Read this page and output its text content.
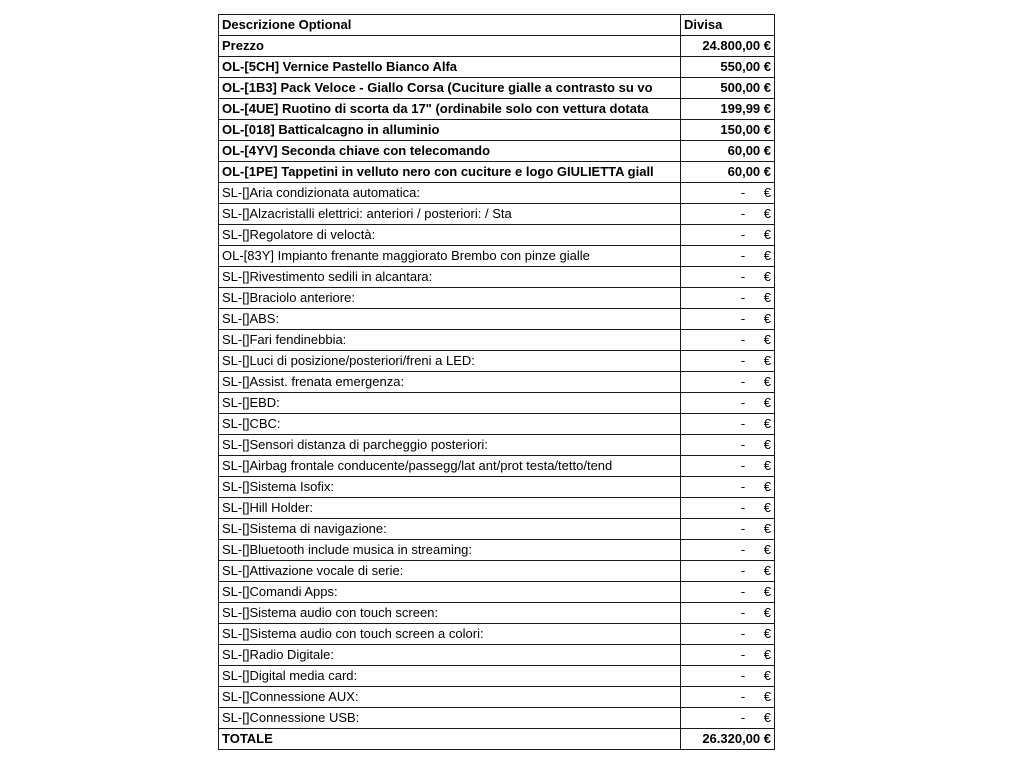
Descrizione Optional	Divisa
Prezzo	24.800,00 €
OL-[5CH] Vernice Pastello Bianco Alfa	550,00 €
OL-[1B3] Pack Veloce - Giallo Corsa (Cuciture gialle a contrasto su vo	500,00 €
OL-[4UE] Ruotino di scorta da 17" (ordinabile solo con vettura dotata	199,99 €
OL-[018] Batticalcagno in alluminio	150,00 €
OL-[4YV] Seconda chiave con telecomando	60,00 €
OL-[1PE] Tappetini in velluto nero con cuciture e logo GIULIETTA giall	60,00 €
SL-[]Aria condizionata automatica:	- €
SL-[]Alzacristalli elettrici: anteriori / posteriori: / Sta	- €
SL-[]Regolatore di veloctà:	- €
OL-[83Y] Impianto frenante maggiorato Brembo con pinze gialle	- €
SL-[]Rivestimento sedili in alcantara:	- €
SL-[]Braciolo anteriore:	- €
SL-[]ABS:	- €
SL-[]Fari fendinebbia:	- €
SL-[]Luci di posizione/posteriori/freni a LED:	- €
SL-[]Assist. frenata emergenza:	- €
SL-[]EBD:	- €
SL-[]CBC:	- €
SL-[]Sensori distanza di parcheggio posteriori:	- €
SL-[]Airbag frontale conducente/passegg/lat ant/prot testa/tetto/tend	- €
SL-[]Sistema Isofix:	- €
SL-[]Hill Holder:	- €
SL-[]Sistema di navigazione:	- €
SL-[]Bluetooth include musica in streaming:	- €
SL-[]Attivazione vocale di serie:	- €
SL-[]Comandi Apps:	- €
SL-[]Sistema audio con touch screen:	- €
SL-[]Sistema audio con touch screen a colori:	- €
SL-[]Radio Digitale:	- €
SL-[]Digital media card:	- €
SL-[]Connessione AUX:	- €
SL-[]Connessione USB:	- €
TOTALE	26.320,00 €
